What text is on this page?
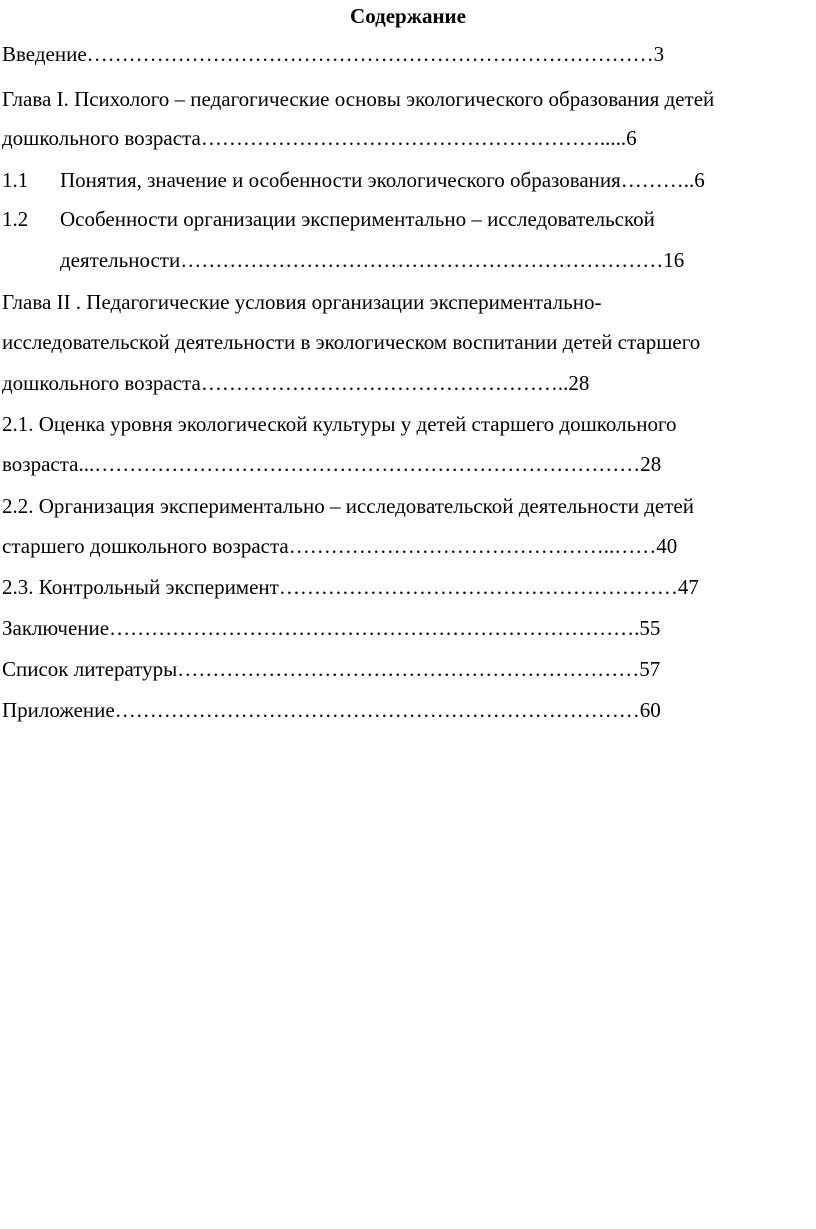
Содержание
Введение………………………………………………………………………3
Глава I. Психолого – педагогические основы экологического образования детей
дошкольного возраста………………………………………………….....6
1.1 Понятия, значение и особенности экологического образования………..6
1.2 Особенности организации экспериментально – исследовательской
деятельности……………………………………………………………16
Глава II . Педагогические условия организации экспериментально-
исследовательской деятельности в экологическом воспитании детей старшего
дошкольного возраста……………………………………………..28
2.1. Оценка уровня экологической культуры у детей старшего дошкольного
возраста...……………………………………………………………………28
2.2. Организация экспериментально – исследовательской деятельности детей
старшего дошкольного возраста………………………………………..……40
2.3. Контрольный эксперимент…………………………………………………47
Заключение………………………………………………………………….55
Список литературы…………………………………………………………57
Приложение…………………………………………………………………60
